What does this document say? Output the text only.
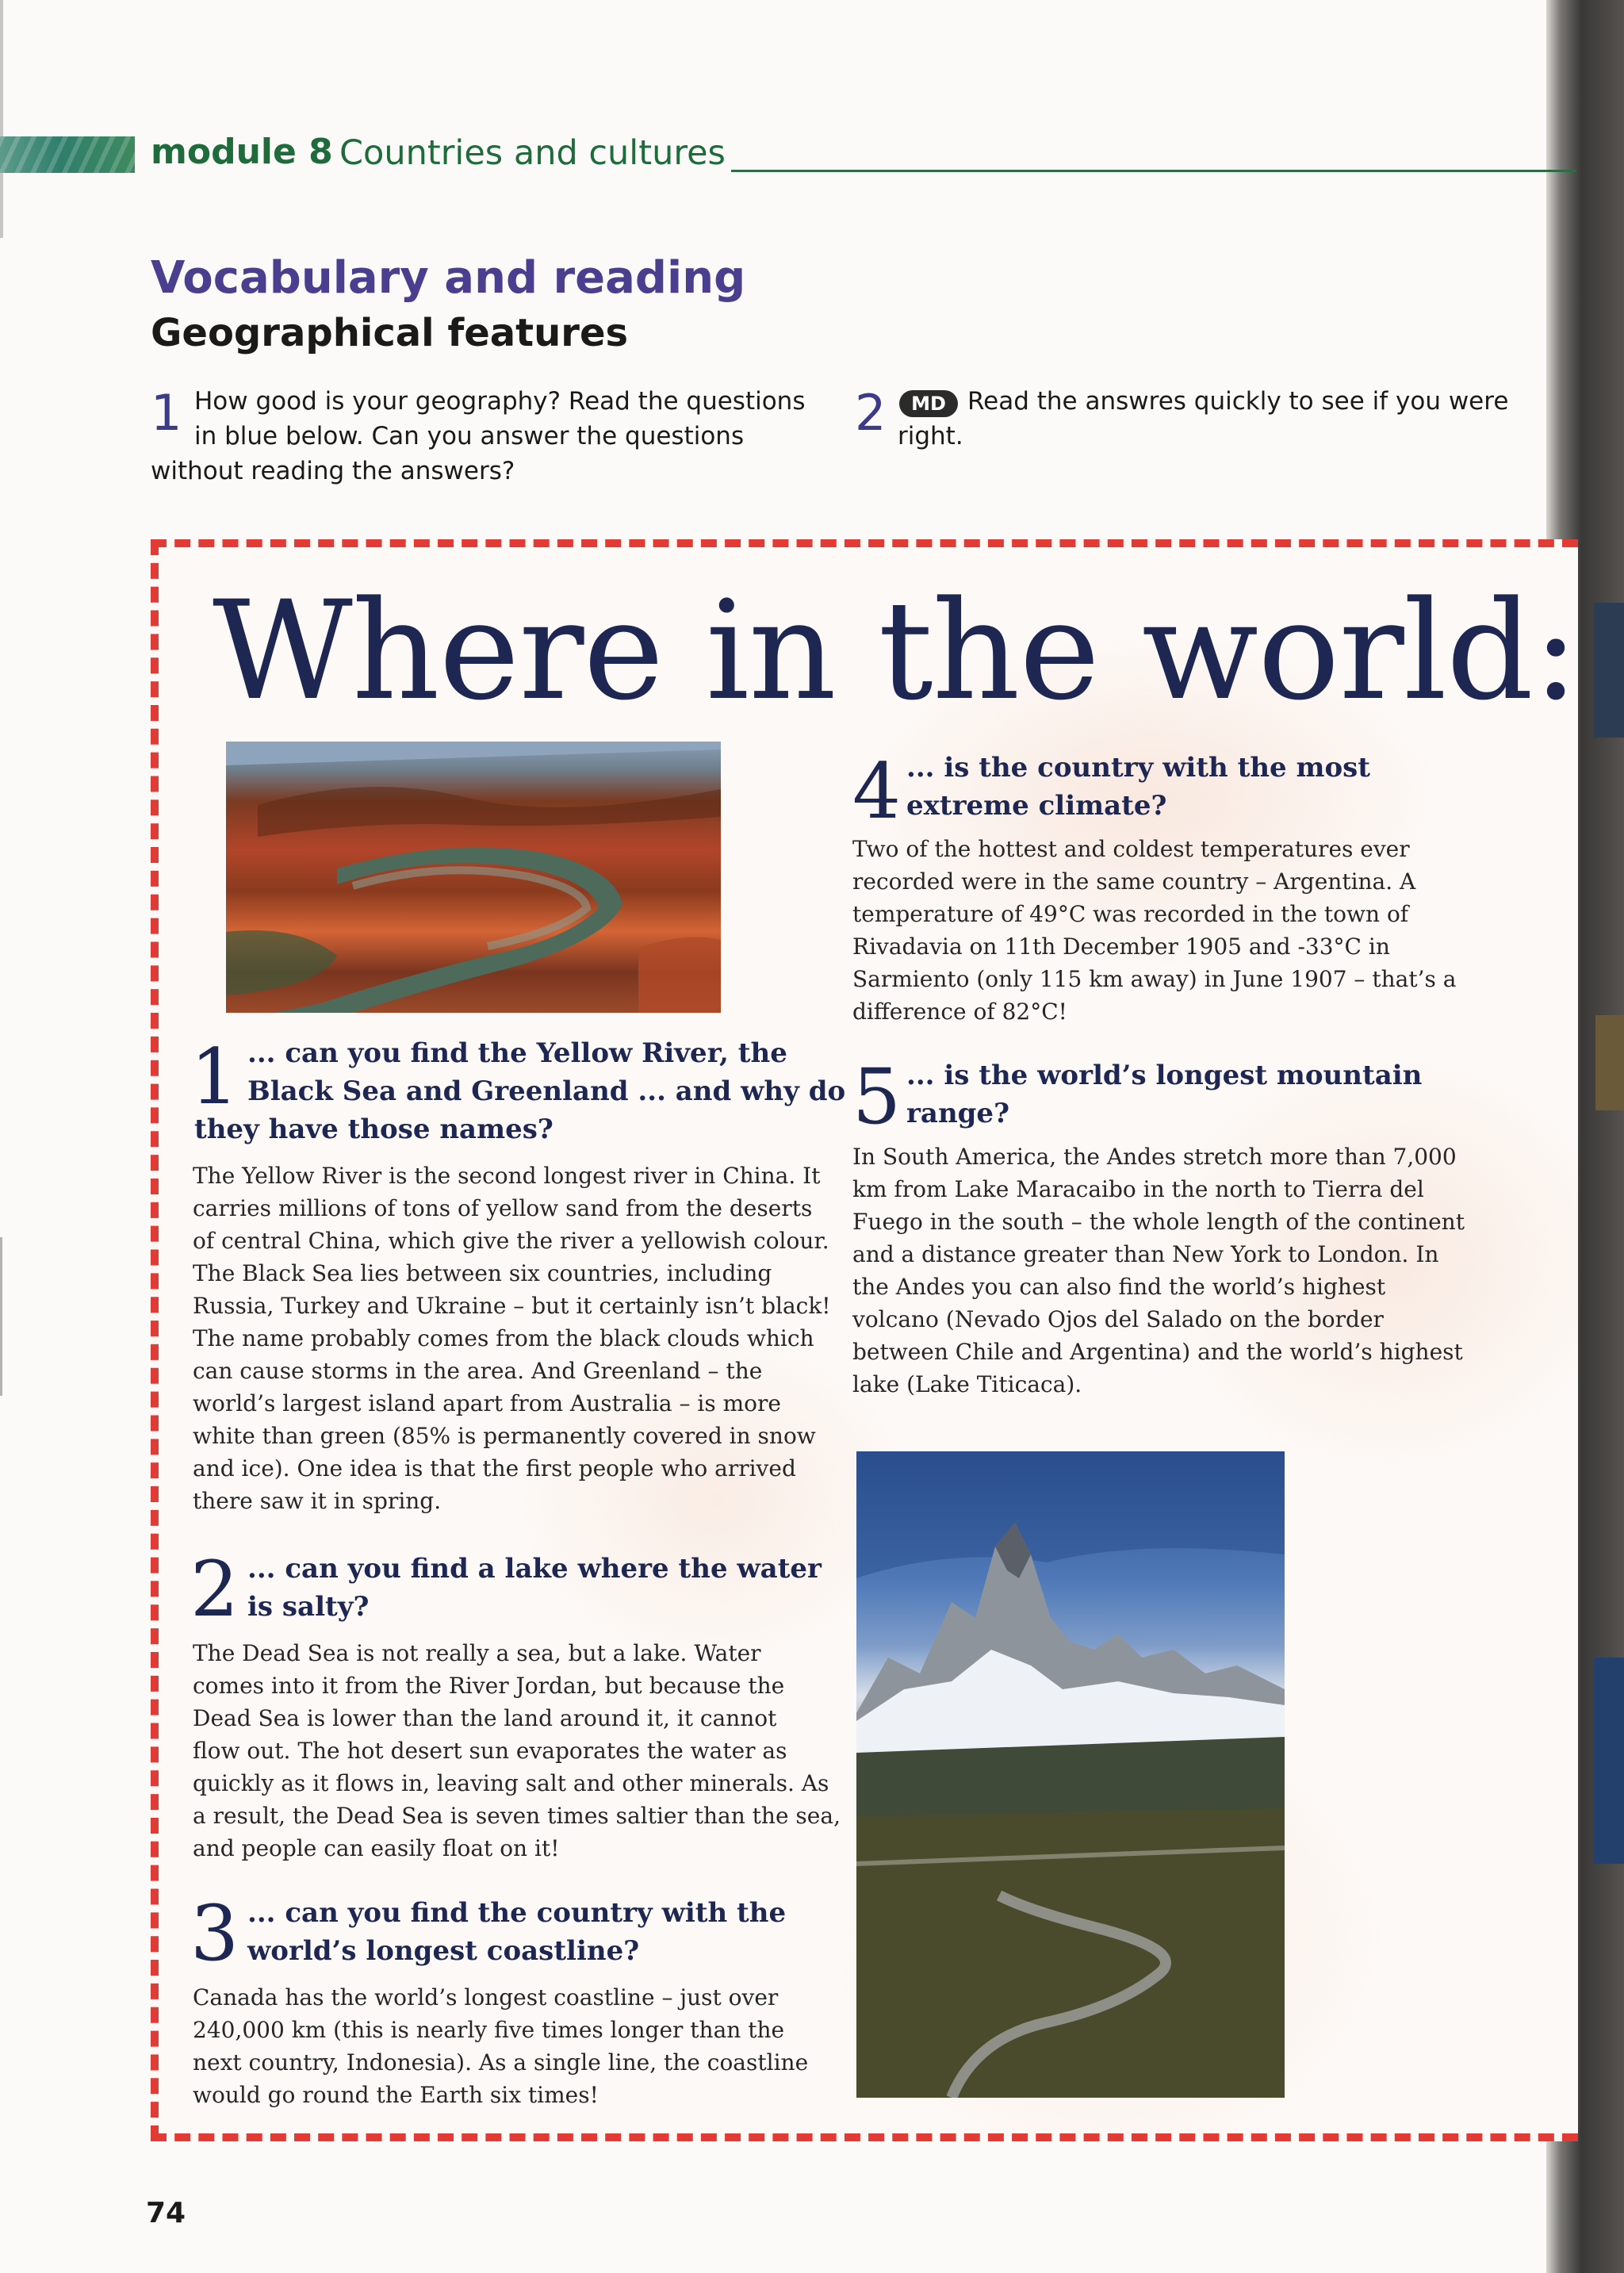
module 8 Countries and cultures
Vocabulary and reading
Geographical features
1 How good is your geography? Read the questions
in blue below. Can you answer the questions
without reading the answers?
2	MD Read the answres quickly to see if you were
right.
Where in the world:
1 ... can you find the Yellow River, the
Black Sea and Greenland ... and why do
they have those names?
The Yellow River is the second longest river in China. It
carries millions of tons of yellow sand from the deserts
of central China, which give the river a yellowish colour.
The Black Sea lies between six countries, including
Russia, Turkey and Ukraine – but it certainly isn’t black!
The name probably comes from the black clouds which
can cause storms in the area. And Greenland – the
world’s largest island apart from Australia – is more
white than green (85% is permanently covered in snow
and ice). One idea is that the first people who arrived
there saw it in spring.
2 ... can you find a lake where the water
is salty?
The Dead Sea is not really a sea, but a lake. Water
comes into it from the River Jordan, but because the
Dead Sea is lower than the land around it, it cannot
flow out. The hot desert sun evaporates the water as
quickly as it flows in, leaving salt and other minerals. As
a result, the Dead Sea is seven times saltier than the sea,
and people can easily float on it!
3 ... can you find the country with the
world’s longest coastline?
Canada has the world’s longest coastline – just over
240,000 km (this is nearly five times longer than the
next country, Indonesia). As a single line, the coastline
would go round the Earth six times!
4 ... is the country with the most
extreme climate?
Two of the hottest and coldest temperatures ever
recorded were in the same country – Argentina. A
temperature of 49°C was recorded in the town of
Rivadavia on 11th December 1905 and -33°C in
Sarmiento (only 115 km away) in June 1907 – that’s a
difference of 82°C!
5 ... is the world’s longest mountain
range?
In South America, the Andes stretch more than 7,000
km from Lake Maracaibo in the north to Tierra del
Fuego in the south – the whole length of the continent
and a distance greater than New York to London. In
the Andes you can also find the world’s highest
volcano (Nevado Ojos del Salado on the border
between Chile and Argentina) and the world’s highest
lake (Lake Titicaca).
74
